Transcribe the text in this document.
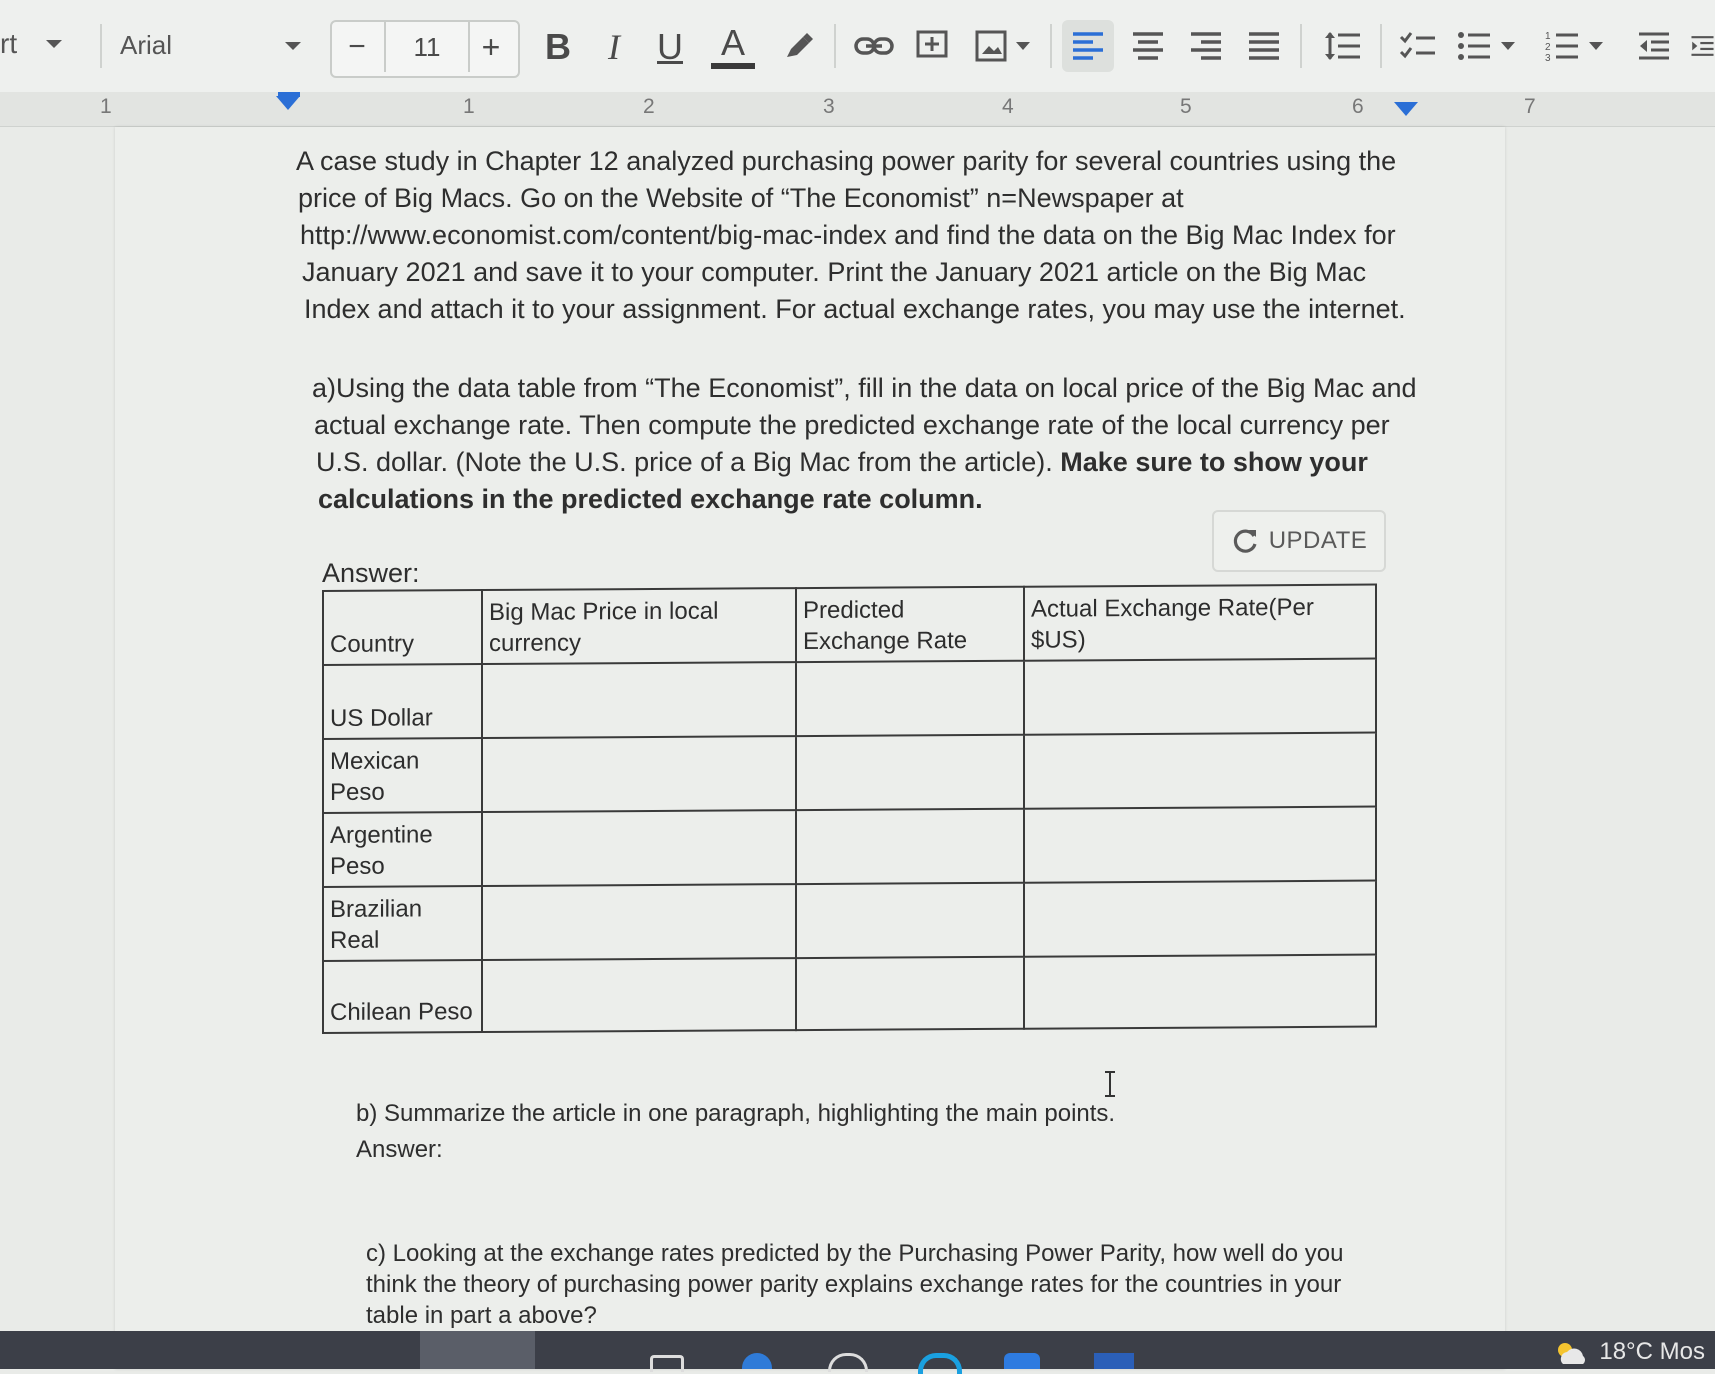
rt	Arial	−	11	+	B	I	U A	1
2
3
1	1	2	3	4	5	6	7
A case study in Chapter 12 analyzed purchasing power parity for several countries using the
price of Big Macs. Go on the Website of “The Economist” n=Newspaper at
http://www.economist.com/content/big-mac-index and find the data on the Big Mac Index for
January 2021 and save it to your computer. Print the January 2021 article on the Big Mac
Index and attach it to your assignment. For actual exchange rates, you may use the internet.
a)Using the data table from “The Economist”, fill in the data on local price of the Big Mac and
actual exchange rate. Then compute the predicted exchange rate of the local currency per
U.S. dollar. (Note the U.S. price of a Big Mac from the article). Make sure to show your
calculations in the predicted exchange rate column.
UPDATE
Answer:
Country	Big Mac Price in local currency	Predicted Exchange Rate	Actual Exchange Rate(Per $US)
US Dollar			
Mexican Peso			
Argentine Peso			
Brazilian Real			
Chilean Peso			
b) Summarize the article in one paragraph, highlighting the main points.
Answer:
c) Looking at the exchange rates predicted by the Purchasing Power Parity, how well do you
think the theory of purchasing power parity explains exchange rates for the countries in your
table in part a above?
18°C Mos
